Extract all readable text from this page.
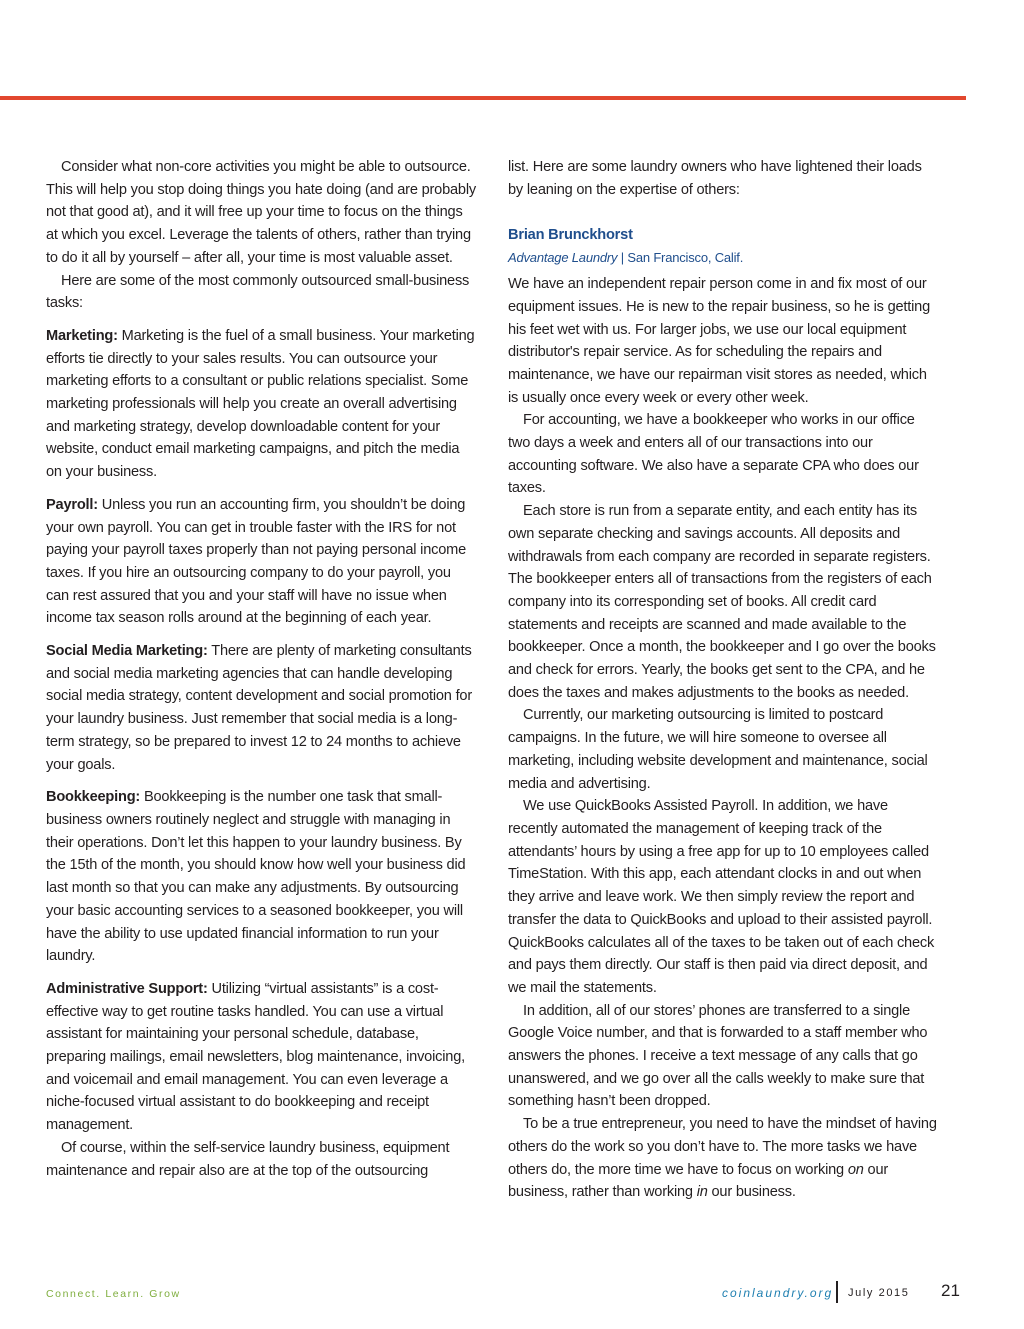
Consider what non-core activities you might be able to outsource. This will help you stop doing things you hate doing (and are probably not that good at), and it will free up your time to focus on the things at which you excel. Leverage the talents of others, rather than trying to do it all by yourself – after all, your time is most valuable asset.

Here are some of the most commonly outsourced small-business tasks:

Marketing: Marketing is the fuel of a small business. Your marketing efforts tie directly to your sales results. You can outsource your marketing efforts to a consultant or public relations specialist. Some marketing professionals will help you create an overall advertising and marketing strategy, develop downloadable content for your website, conduct email marketing campaigns, and pitch the media on your business.

Payroll: Unless you run an accounting firm, you shouldn’t be doing your own payroll. You can get in trouble faster with the IRS for not paying your payroll taxes properly than not paying personal income taxes. If you hire an outsourcing company to do your payroll, you can rest assured that you and your staff will have no issue when income tax season rolls around at the beginning of each year.

Social Media Marketing: There are plenty of marketing consultants and social media marketing agencies that can handle developing social media strategy, content development and social promotion for your laundry business. Just remember that social media is a long-term strategy, so be prepared to invest 12 to 24 months to achieve your goals.

Bookkeeping: Bookkeeping is the number one task that small-business owners routinely neglect and struggle with managing in their operations. Don’t let this happen to your laundry business. By the 15th of the month, you should know how well your business did last month so that you can make any adjustments. By outsourcing your basic accounting services to a seasoned bookkeeper, you will have the ability to use updated financial information to run your laundry.

Administrative Support: Utilizing “virtual assistants” is a cost-effective way to get routine tasks handled. You can use a virtual assistant for maintaining your personal schedule, database, preparing mailings, email newsletters, blog maintenance, invoicing, and voicemail and email management. You can even leverage a niche-focused virtual assistant to do bookkeeping and receipt management.

Of course, within the self-service laundry business, equipment maintenance and repair also are at the top of the outsourcing

list. Here are some laundry owners who have lightened their loads by leaning on the expertise of others:

Brian Brunckhorst

Advantage Laundry | San Francisco, Calif.

We have an independent repair person come in and fix most of our equipment issues. He is new to the repair business, so he is getting his feet wet with us. For larger jobs, we use our local equipment distributor's repair service. As for scheduling the repairs and maintenance, we have our repairman visit stores as needed, which is usually once every week or every other week.

For accounting, we have a bookkeeper who works in our office two days a week and enters all of our transactions into our accounting software. We also have a separate CPA who does our taxes.

Each store is run from a separate entity, and each entity has its own separate checking and savings accounts. All deposits and withdrawals from each company are recorded in separate registers. The bookkeeper enters all of transactions from the registers of each company into its corresponding set of books. All credit card statements and receipts are scanned and made available to the bookkeeper. Once a month, the bookkeeper and I go over the books and check for errors. Yearly, the books get sent to the CPA, and he does the taxes and makes adjustments to the books as needed.

Currently, our marketing outsourcing is limited to postcard campaigns. In the future, we will hire someone to oversee all marketing, including website development and maintenance, social media and advertising.

We use QuickBooks Assisted Payroll. In addition, we have recently automated the management of keeping track of the attendants’ hours by using a free app for up to 10 employees called TimeStation. With this app, each attendant clocks in and out when they arrive and leave work. We then simply review the report and transfer the data to QuickBooks and upload to their assisted payroll. QuickBooks calculates all of the taxes to be taken out of each check and pays them directly. Our staff is then paid via direct deposit, and we mail the statements.

In addition, all of our stores’ phones are transferred to a single Google Voice number, and that is forwarded to a staff member who answers the phones. I receive a text message of any calls that go unanswered, and we go over all the calls weekly to make sure that something hasn’t been dropped.

To be a true entrepreneur, you need to have the mindset of having others do the work so you don’t have to. The more tasks we have others do, the more time we have to focus on working on our business, rather than working in our business.

Connect. Learn. Grow	coinlaundry.org July 2015 21
